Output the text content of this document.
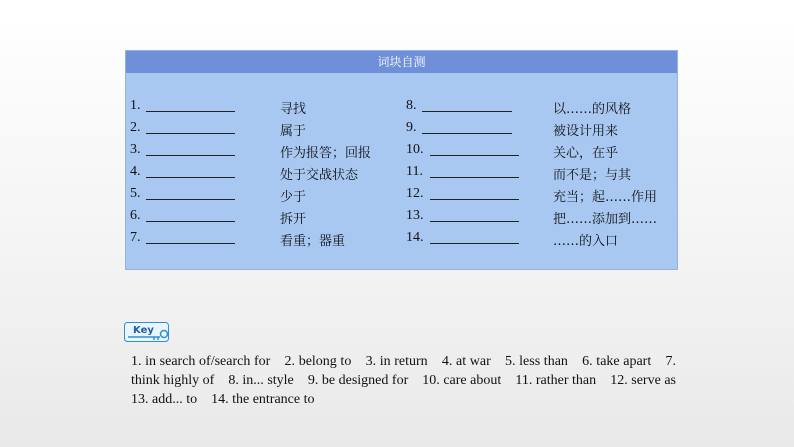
词块自测
1.	寻找	8.	以……的风格
2.	属于	9.	被设计用来
3.	作为报答；回报 10.	关心，在乎
4.	处于交战状态	11.	而不是；与其
5.	少于	12.	充当；起……作用
6.	拆开	13.	把……添加到……
7.	看重；器重	14.	……的入口
Key
1. in search of/search for　2. belong to　3. in return　4. at war　5. less than　6. take apart　7. think highly of　8. in... style　9. be designed for　10. care about　11. rather than　12. serve as　13. add... to　14. the entrance to
